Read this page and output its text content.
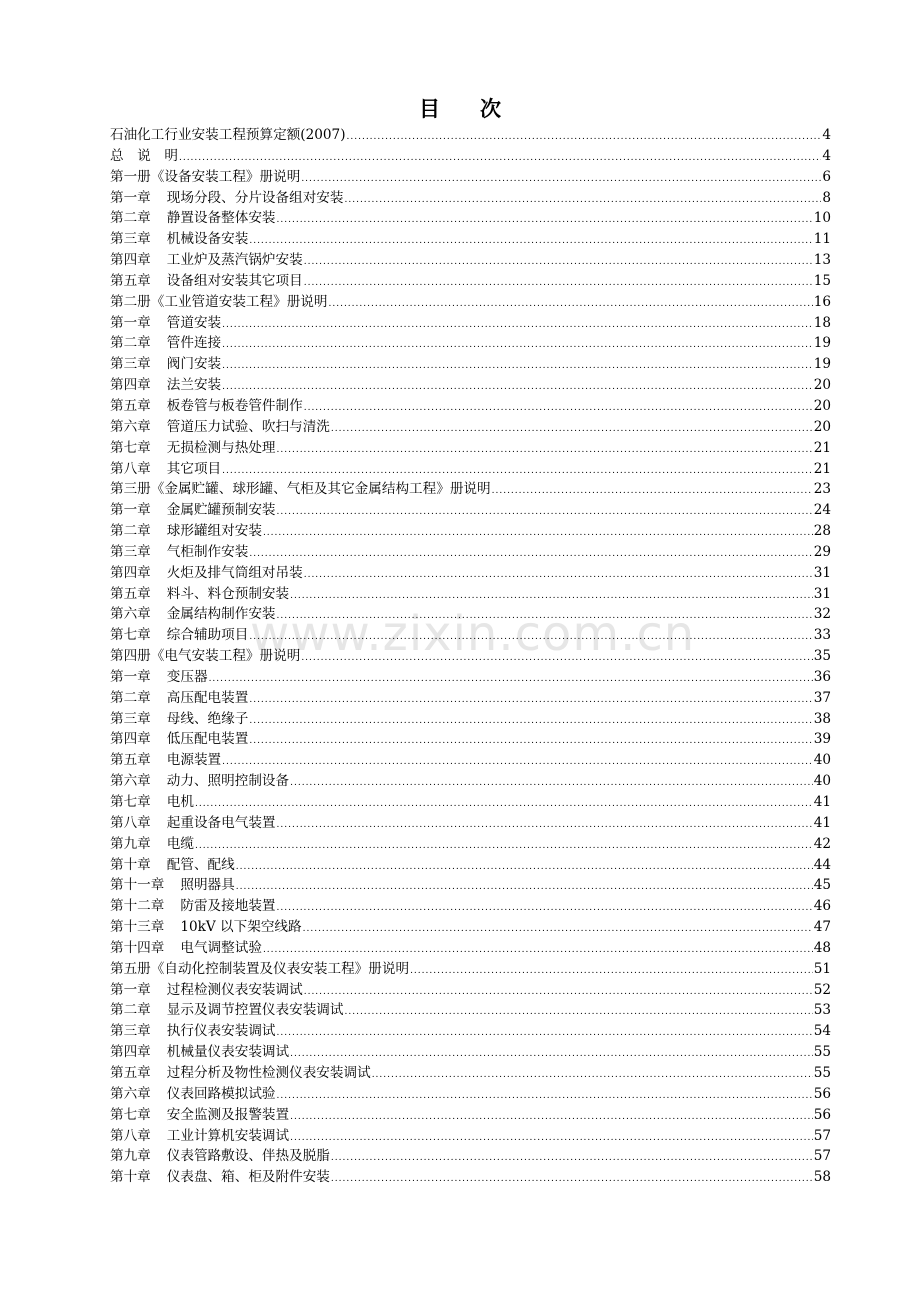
目 次
www.zixin.com.cn
石油化工行业安装工程预算定额(2007) .....	4
总　说　明 .....	4
第一册《设备安装工程》册说明 .....	6
第一章 现场分段、分片设备组对安装 .....	8
第二章 静置设备整体安装 .....	10
第三章 机械设备安装 .....	11
第四章 工业炉及蒸汽锅炉安装 .....	13
第五章 设备组对安装其它项目 .....	15
第二册《工业管道安装工程》册说明 .....	16
第一章 管道安装 .....	18
第二章 管件连接 .....	19
第三章 阀门安装 .....	19
第四章 法兰安装 .....	20
第五章 板卷管与板卷管件制作 .....	20
第六章 管道压力试验、吹扫与清洗 .....	20
第七章 无损检测与热处理 .....	21
第八章 其它项目 .....	21
第三册《金属贮罐、球形罐、气柜及其它金属结构工程》册说明 .....	23
第一章 金属贮罐预制安装 .....	24
第二章 球形罐组对安装 .....	28
第三章 气柜制作安装 .....	29
第四章 火炬及排气筒组对吊装 .....	31
第五章 料斗、料仓预制安装 .....	31
第六章 金属结构制作安装 .....	32
第七章 综合辅助项目 .....	33
第四册《电气安装工程》册说明 .....	35
第一章 变压器 .....	36
第二章 高压配电装置 .....	37
第三章 母线、绝缘子 .....	38
第四章 低压配电装置 .....	39
第五章 电源装置 .....	40
第六章 动力、照明控制设备 .....	40
第七章 电机 .....	41
第八章 起重设备电气装置 .....	41
第九章 电缆 .....	42
第十章 配管、配线 .....	44
第十一章 照明器具 .....	45
第十二章 防雷及接地装置 .....	46
第十三章 10kV 以下架空线路 .....	47
第十四章 电气调整试验 .....	48
第五册《自动化控制装置及仪表安装工程》册说明 .....	51
第一章 过程检测仪表安装调试 .....	52
第二章 显示及调节控置仪表安装调试 .....	53
第三章 执行仪表安装调试 .....	54
第四章 机械量仪表安装调试 .....	55
第五章 过程分析及物性检测仪表安装调试 .....	55
第六章 仪表回路模拟试验 .....	56
第七章 安全监测及报警装置 .....	56
第八章 工业计算机安装调试 .....	57
第九章 仪表管路敷设、伴热及脱脂 .....	57
第十章 仪表盘、箱、柜及附件安装 .....	58
